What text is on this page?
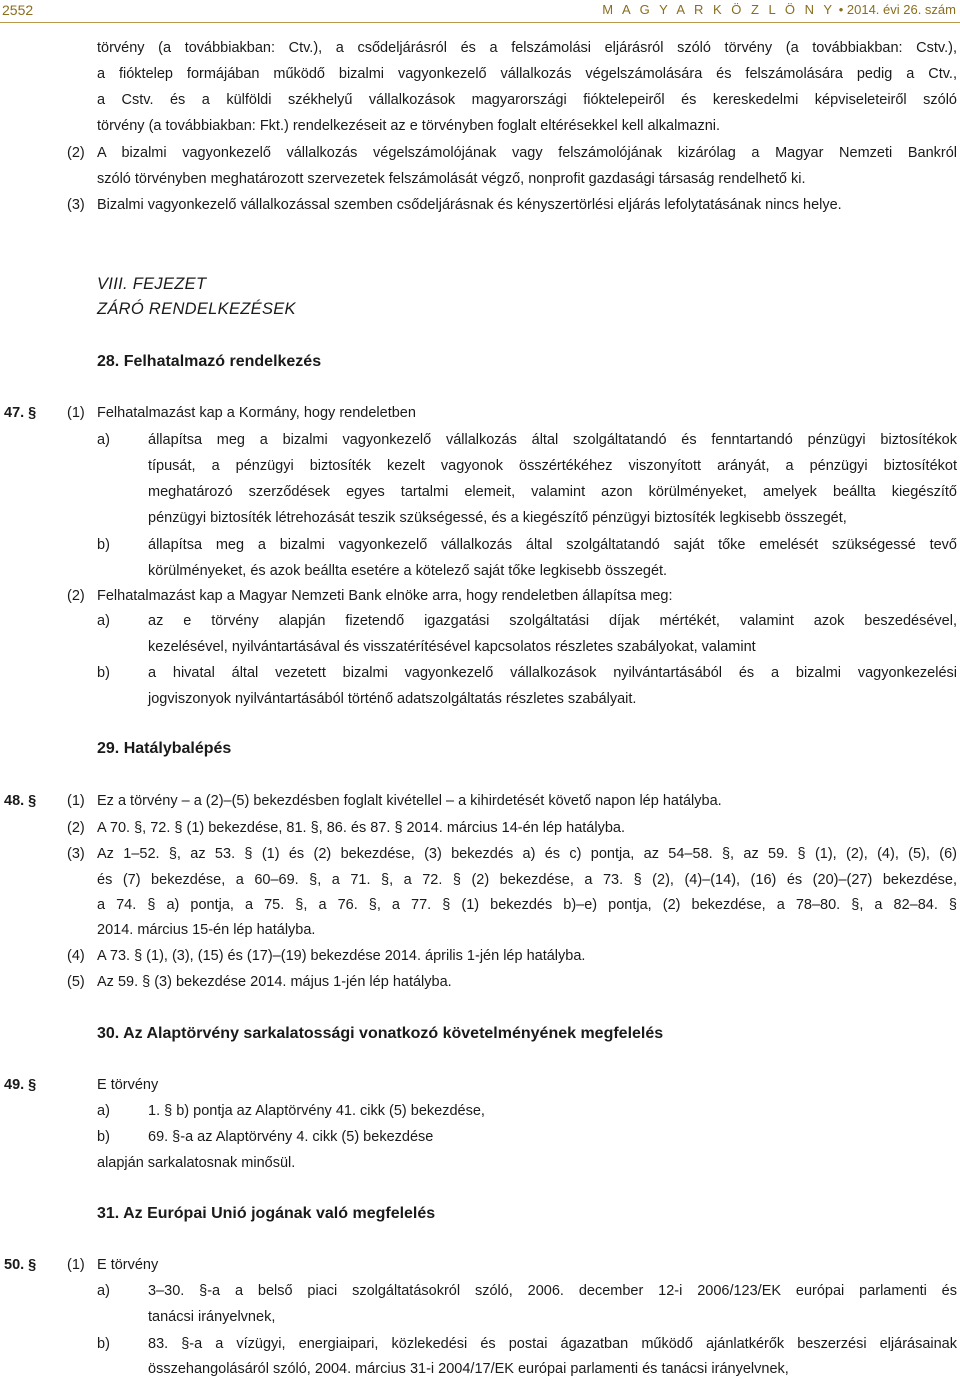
2552	M A G Y A R K Ö Z L Ö N Y • 2014. évi 26. szám
törvény (a továbbiakban: Ctv.), a csődeljárásról és a felszámolási eljárásról szóló törvény (a továbbiakban: Cstv.),
a fióktelep formájában működő bizalmi vagyonkezelő vállalkozás végelszámolására és felszámolására pedig a Ctv.,
a Cstv. és a külföldi székhelyű vállalkozások magyarországi fióktelepeiről és kereskedelmi képviseleteiről szóló
törvény (a továbbiakban: Fkt.) rendelkezéseit az e törvényben foglalt eltérésekkel kell alkalmazni.
(2) A bizalmi vagyonkezelő vállalkozás végelszámolójának vagy felszámolójának kizárólag a Magyar Nemzeti Bankról
szóló törvényben meghatározott szervezetek felszámolását végző, nonprofit gazdasági társaság rendelhető ki.
(3) Bizalmi vagyonkezelő vállalkozással szemben csődeljárásnak és kényszertörlési eljárás lefolytatásának nincs helye.
VIII. FEJEZET
ZÁRÓ RENDELKEZÉSEK
28. Felhatalmazó rendelkezés
47. § (1) Felhatalmazást kap a Kormány, hogy rendeletben
a)	állapítsa meg a bizalmi vagyonkezelő vállalkozás által szolgáltatandó és fenntartandó pénzügyi biztosítékok
típusát, a pénzügyi biztosíték kezelt vagyonok összértékéhez viszonyított arányát, a pénzügyi biztosítékot
meghatározó szerződések egyes tartalmi elemeit, valamint azon körülményeket, amelyek beállta kiegészítő
pénzügyi biztosíték létrehozását teszik szükségessé, és a kiegészítő pénzügyi biztosíték legkisebb összegét,
b)	állapítsa meg a bizalmi vagyonkezelő vállalkozás által szolgáltatandó saját tőke emelését szükségessé tevő
körülményeket, és azok beállta esetére a kötelező saját tőke legkisebb összegét.
(2) Felhatalmazást kap a Magyar Nemzeti Bank elnöke arra, hogy rendeletben állapítsa meg:
a)	az e törvény alapján fizetendő igazgatási szolgáltatási díjak mértékét, valamint azok beszedésével,
kezelésével, nyilvántartásával és visszatérítésével kapcsolatos részletes szabályokat, valamint
b)	a hivatal által vezetett bizalmi vagyonkezelő vállalkozások nyilvántartásából és a bizalmi vagyonkezelési
jogviszonyok nyilvántartásából történő adatszolgáltatás részletes szabályait.
29. Hatálybalépés
48. § (1) Ez a törvény – a (2)–(5) bekezdésben foglalt kivétellel – a kihirdetését követő napon lép hatályba.
(2) A 70. §, 72. § (1) bekezdése, 81. §, 86. és 87. § 2014. március 14-én lép hatályba.
(3) Az 1–52. §, az 53. § (1) és (2) bekezdése, (3) bekezdés a) és c) pontja, az 54–58. §, az 59. § (1), (2), (4), (5), (6)
és (7) bekezdése, a 60–69. §, a 71. §, a 72. § (2) bekezdése, a 73. § (2), (4)–(14), (16) és (20)–(27) bekezdése,
a 74. § a) pontja, a 75. §, a 76. §, a 77. § (1) bekezdés b)–e) pontja, (2) bekezdése, a 78–80. §, a 82–84. §
2014. március 15-én lép hatályba.
(4) A 73. § (1), (3), (15) és (17)–(19) bekezdése 2014. április 1-jén lép hatályba.
(5) Az 59. § (3) bekezdése 2014. május 1-jén lép hatályba.
30. Az Alaptörvény sarkalatossági vonatkozó követelményének megfelelés
49. §	E törvény
a)	1. § b) pontja az Alaptörvény 41. cikk (5) bekezdése,
b)	69. §-a az Alaptörvény 4. cikk (5) bekezdése
alapján sarkalatosnak minősül.
31. Az Európai Unió jogának való megfelelés
50. § (1) E törvény
a)	3–30. §-a a belső piaci szolgáltatásokról szóló, 2006. december 12-i 2006/123/EK európai parlamenti és
tanácsi irányelvnek,
b)	83. §-a a vízügyi, energiaipari, közlekedési és postai ágazatban működő ajánlatkérők beszerzési eljárásainak
összehangolásáról szóló, 2004. március 31-i 2004/17/EK európai parlamenti és tanácsi irányelvnek,
